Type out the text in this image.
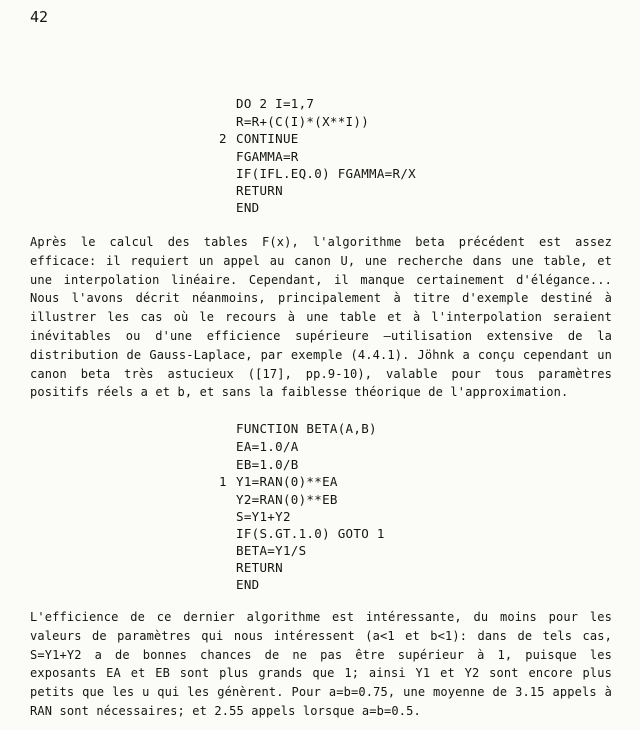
42
DO 2 I=1,7
R=R+(C(I)*(X**I))
2 CONTINUE
FGAMMA=R
IF(IFL.EQ.0) FGAMMA=R/X
RETURN
END

Après le calcul des tables F(x), l'algorithme beta précédent est assez efficace: il requiert un appel au canon U, une recherche dans une table, et une interpolation linéaire. Cependant, il manque certainement d'élégance... Nous l'avons décrit néanmoins, principalement à titre d'exemple destiné à illustrer les cas où le recours à une table et à l'interpolation seraient inévitables ou d'une efficience supérieure —utilisation extensive de la distribution de Gauss-Laplace, par exemple (4.4.1). Jöhnk a conçu cependant un canon beta très astucieux ([17], pp.9-10), valable pour tous paramètres positifs réels a et b, et sans la faiblesse théorique de l'approximation.

FUNCTION BETA(A,B)
EA=1.0/A
EB=1.0/B
1 Y1=RAN(0)**EA
Y2=RAN(0)**EB
S=Y1+Y2
IF(S.GT.1.0) GOTO 1
BETA=Y1/S
RETURN
END

L'efficience de ce dernier algorithme est intéressante, du moins pour les valeurs de paramètres qui nous intéressent (a<1 et b<1): dans de tels cas, S=Y1+Y2 a de bonnes chances de ne pas être supérieur à 1, puisque les exposants EA et EB sont plus grands que 1; ainsi Y1 et Y2 sont encore plus petits que les u qui les génèrent. Pour a=b=0.75, une moyenne de 3.15 appels à RAN sont nécessaires; et 2.55 appels lorsque a=b=0.5.
